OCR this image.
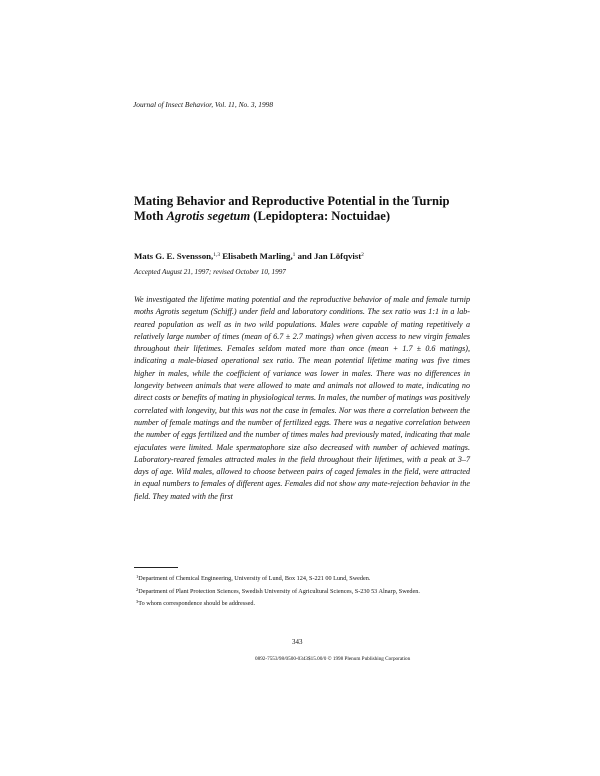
Journal of Insect Behavior, Vol. 11, No. 3, 1998
Mating Behavior and Reproductive Potential in the Turnip Moth Agrotis segetum (Lepidoptera: Noctuidae)
Mats G. E. Svensson,$^{1,3}$ Elisabeth Marling,$^1$ and Jan Löfqvist$^2$
Accepted August 21, 1997; revised October 10, 1997
We investigated the lifetime mating potential and the reproductive behavior of male and female turnip moths Agrotis segetum (Schiff.) under field and laboratory conditions. The sex ratio was 1:1 in a lab-reared population as well as in two wild populations. Males were capable of mating repetitively a relatively large number of times (mean of 6.7 ± 2.7 matings) when given access to new virgin females throughout their lifetimes. Females seldom mated more than once (mean + 1.7 ± 0.6 matings), indicating a male-biased operational sex ratio. The mean potential lifetime mating was five times higher in males, while the coefficient of variance was lower in males. There was no differences in longevity between animals that were allowed to mate and animals not allowed to mate, indicating no direct costs or benefits of mating in physiological terms. In males, the number of matings was positively correlated with longevity, but this was not the case in females. Nor was there a correlation between the number of female matings and the number of fertilized eggs. There was a negative correlation between the number of eggs fertilized and the number of times males had previously mated, indicating that male ejaculates were limited. Male spermatophore size also decreased with number of achieved matings. Laboratory-reared females attracted males in the field throughout their lifetimes, with a peak at 3–7 days of age. Wild males, allowed to choose between pairs of caged females in the field, were attracted in equal numbers to females of different ages. Females did not show any mate-rejection behavior in the field. They mated with the first

$^1$Department of Chemical Engineering, University of Lund, Box 124, S-221 00 Lund, Sweden.

$^2$Department of Plant Protection Sciences, Swedish University of Agricultural Sciences, S-230 53 Alnarp, Sweden.

$^3$To whom correspondence should be addressed.

343
0892-7553/98/0500-0343$15.00/0 © 1998 Plenum Publishing Corporation
